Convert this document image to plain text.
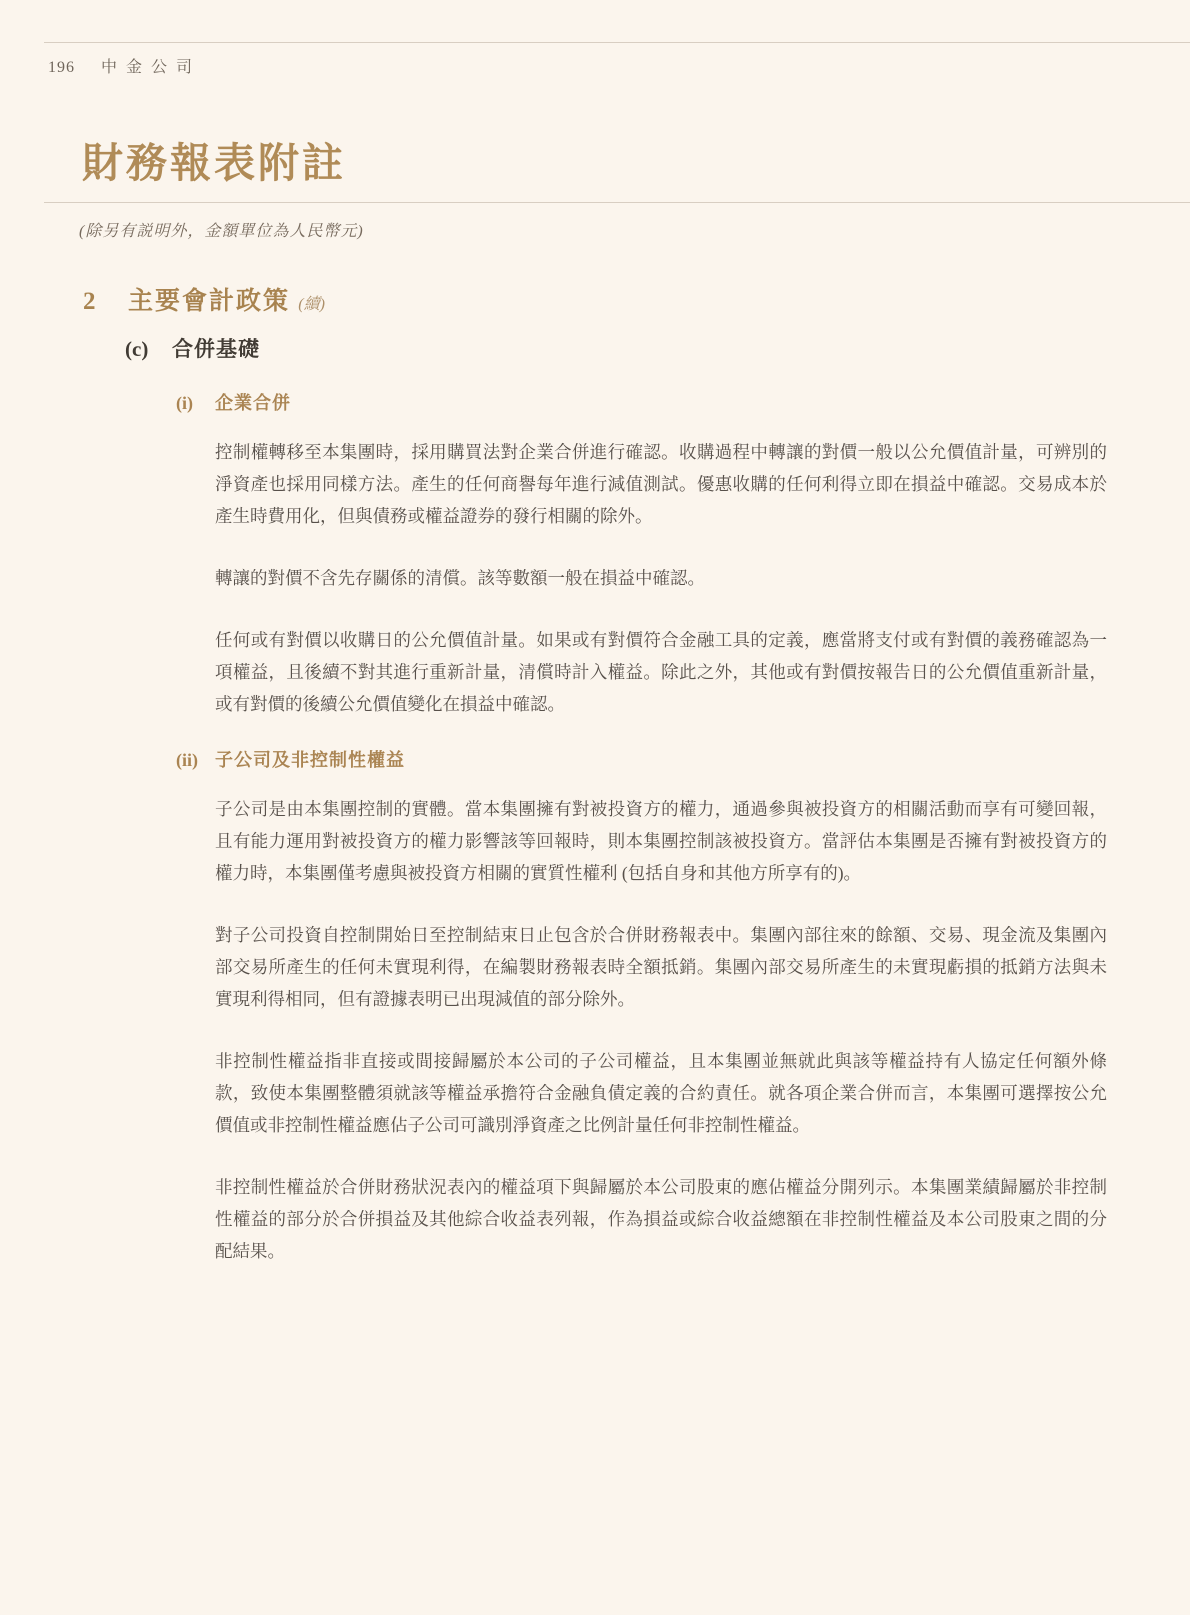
196 中金公司
財務報表附註
(除另有説明外，金額單位為人民幣元)
2 主要會計政策 (續)
(c) 合併基礎
(i) 企業合併

控制權轉移至本集團時，採用購買法對企業合併進行確認。收購過程中轉讓的對價一般以公允價值計量，可辨別的淨資產也採用同樣方法。產生的任何商譽每年進行減值測試。優惠收購的任何利得立即在損益中確認。交易成本於產生時費用化，但與債務或權益證券的發行相關的除外。

轉讓的對價不含先存關係的清償。該等數額一般在損益中確認。

任何或有對價以收購日的公允價值計量。如果或有對價符合金融工具的定義，應當將支付或有對價的義務確認為一項權益，且後續不對其進行重新計量，清償時計入權益。除此之外，其他或有對價按報告日的公允價值重新計量，或有對價的後續公允價值變化在損益中確認。

(ii) 子公司及非控制性權益

子公司是由本集團控制的實體。當本集團擁有對被投資方的權力，通過參與被投資方的相關活動而享有可變回報，且有能力運用對被投資方的權力影響該等回報時，則本集團控制該被投資方。當評估本集團是否擁有對被投資方的權力時，本集團僅考慮與被投資方相關的實質性權利 (包括自身和其他方所享有的)。

對子公司投資自控制開始日至控制結束日止包含於合併財務報表中。集團內部往來的餘額、交易、現金流及集團內部交易所產生的任何未實現利得，在編製財務報表時全額抵銷。集團內部交易所產生的未實現虧損的抵銷方法與未實現利得相同，但有證據表明已出現減值的部分除外。

非控制性權益指非直接或間接歸屬於本公司的子公司權益，且本集團並無就此與該等權益持有人協定任何額外條款，致使本集團整體須就該等權益承擔符合金融負債定義的合約責任。就各項企業合併而言，本集團可選擇按公允價值或非控制性權益應佔子公司可識別淨資產之比例計量任何非控制性權益。

非控制性權益於合併財務狀況表內的權益項下與歸屬於本公司股東的應佔權益分開列示。本集團業績歸屬於非控制性權益的部分於合併損益及其他綜合收益表列報，作為損益或綜合收益總額在非控制性權益及本公司股東之間的分配結果。
